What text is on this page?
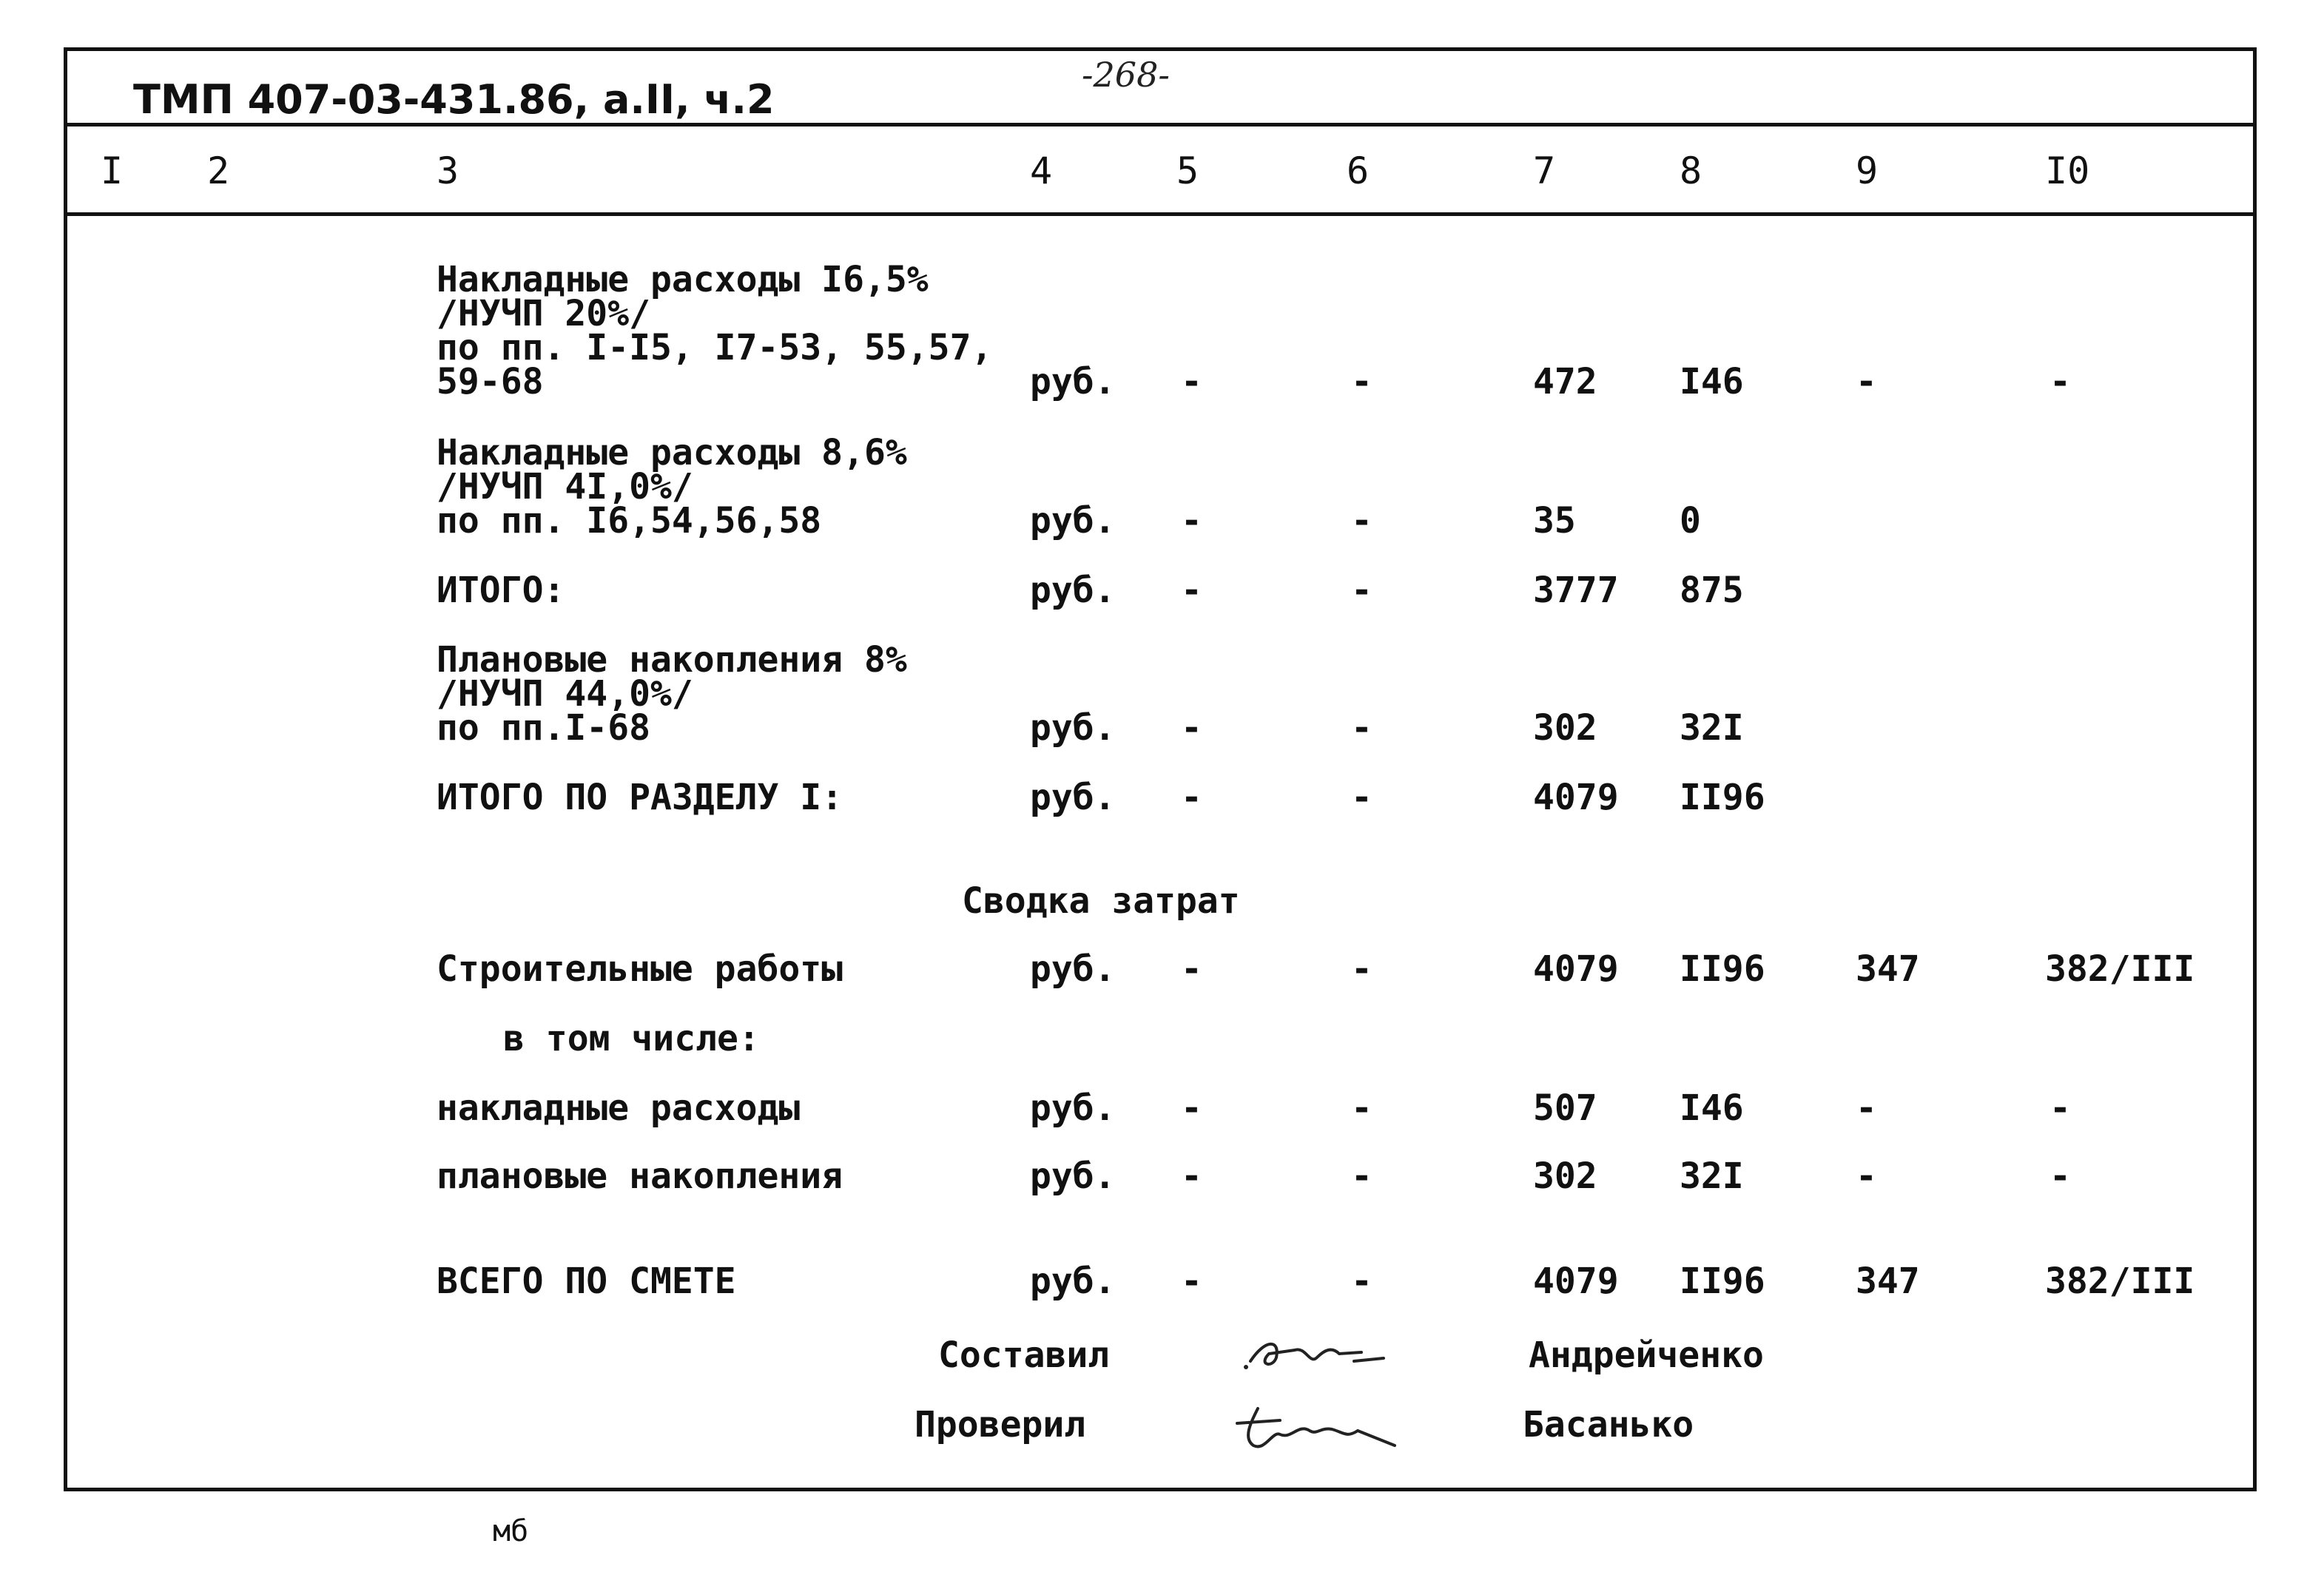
ТМП 407-03-431.86, а.II, ч.2
-268-
I 2	3	4	5	6	7	8	9	I0
Накладные расходы I6,5%
/НУЧП 20%/
по пп. I-I5, I7-53, 55,57,
59-68	руб. -	-	472 I46	-	-
Накладные расходы 8,6%
/НУЧП 4I,0%/
по пп. I6,54,56,58	руб. -	-	35	0
ИТОГО:	руб. -	-	3777 875
Плановые накопления 8%
/НУЧП 44,0%/
по пп.I-68	руб. -	-	302 32I
ИТОГО ПО РАЗДЕЛУ I:	руб. -	-	4079 II96
Сводка затрат
Строительные работы	руб. -	-	4079 II96	347	382/III
в том числе:
накладные расходы	руб. -	-	507 I46	-	-
плановые накопления	руб. -	-	302 32I	-	-
ВСЕГО ПО СМЕТЕ	руб. -	-	4079 II96	347	382/III
Составил	Андрейченко
Проверил	Басанько
мб
